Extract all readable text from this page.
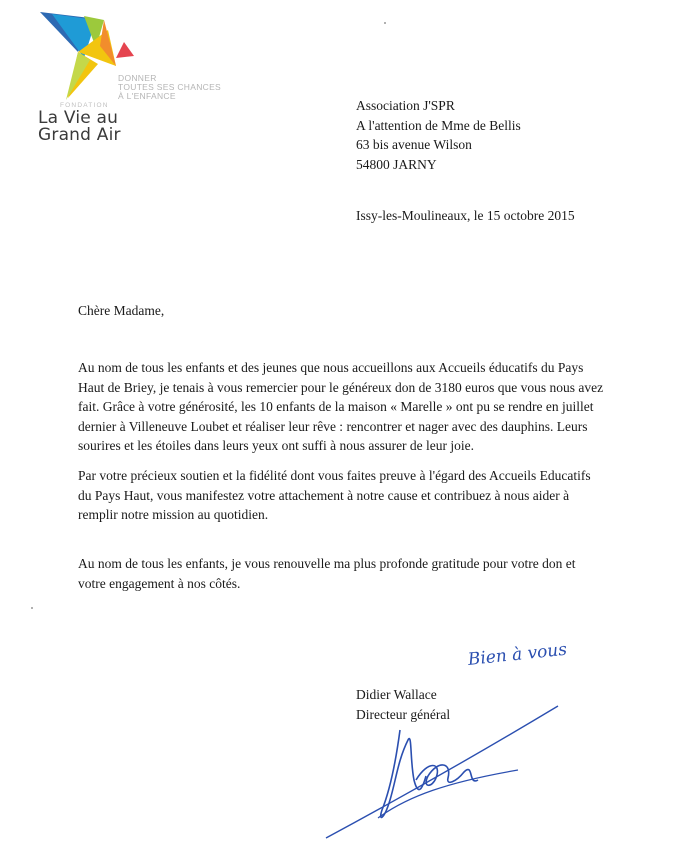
DONNER
TOUTES SES CHANCES
À L'ENFANCE
FONDATION
La Vie au
Grand Air
Association J'SPR
A l'attention de Mme de Bellis
63 bis avenue Wilson
54800 JARNY
Issy-les-Moulineaux, le 15 octobre 2015
Chère Madame,
Au nom de tous les enfants et des jeunes que nous accueillons aux Accueils éducatifs du Pays
Haut de Briey, je tenais à vous remercier pour le généreux don de 3180 euros que vous nous avez
fait. Grâce à votre générosité, les 10 enfants de la maison « Marelle » ont pu se rendre en juillet
dernier à Villeneuve Loubet et réaliser leur rêve : rencontrer et nager avec des dauphins. Leurs
sourires et les étoiles dans leurs yeux ont suffi à nous assurer de leur joie.
Par votre précieux soutien et la fidélité dont vous faites preuve à l'égard des Accueils Educatifs
du Pays Haut, vous manifestez votre attachement à notre cause et contribuez à nous aider à
remplir notre mission au quotidien.
Au nom de tous les enfants, je vous renouvelle ma plus profonde gratitude pour votre don et
votre engagement à nos côtés.
Bien à vous
Didier Wallace
Directeur général
